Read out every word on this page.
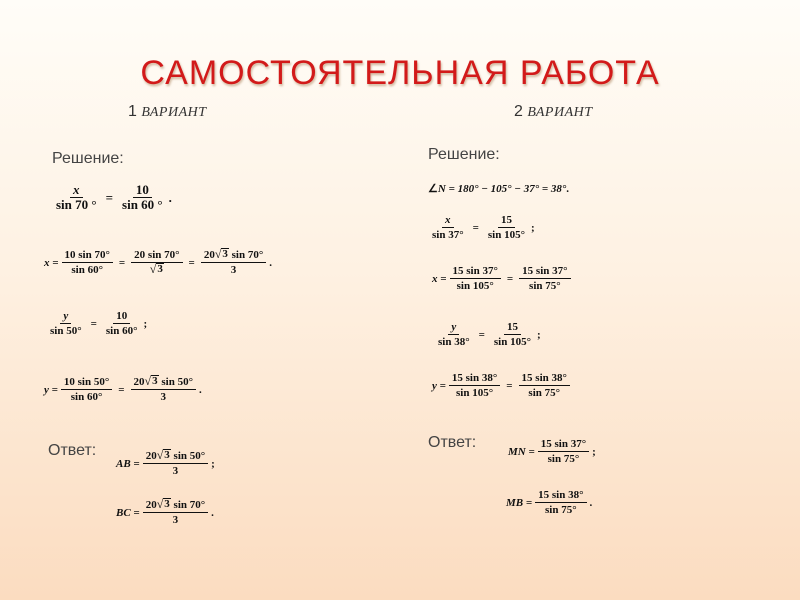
САМОСТОЯТЕЛЬНАЯ РАБОТА
1 ВАРИАНТ	2 ВАРИАНТ
Решение:	Решение:
Ответ:	Ответ:
$\frac{x}{\sin 70 ^\circ} = \frac{10}{\sin 60 ^\circ}$ .
$x = \frac{10 \sin 70^\circ}{\sin 60^\circ} = \frac{20 \sin 70^\circ}{√ 3} = \frac{20 √ 3 \sin 70^\circ}{3}$ .
$\frac{y}{\sin 50^\circ} = \frac{10}{\sin 60^\circ}$ ;
$y = \frac{10 \sin 50^\circ}{\sin 60^\circ} = \frac{20 √ 3 \sin 50^\circ}{3}$ .
AB = $\frac{20 √ 3 \sin 50^\circ}{3}$ ;
BC = $\frac{20 √ 3 \sin 70^\circ}{3}$ .
∠ N = 180° − 105° − 37° = 38° .
$\frac{x}{\sin 37^\circ} = \frac{15}{\sin 105^\circ}$ ;
$x = \frac{15 \sin 37^\circ}{\sin 105^\circ} = \frac{15 \sin 37^\circ}{\sin 75^\circ}$
$\frac{y}{\sin 38^\circ} = \frac{15}{\sin 105^\circ}$ ;
$y = \frac{15 \sin 38^\circ}{\sin 105^\circ} = \frac{15 \sin 38^\circ}{\sin 75^\circ}$
MN = $\frac{15 \sin 37^\circ}{\sin 75^\circ}$ ;
MB = $\frac{15 \sin 38^\circ}{\sin 75^\circ}$ .
